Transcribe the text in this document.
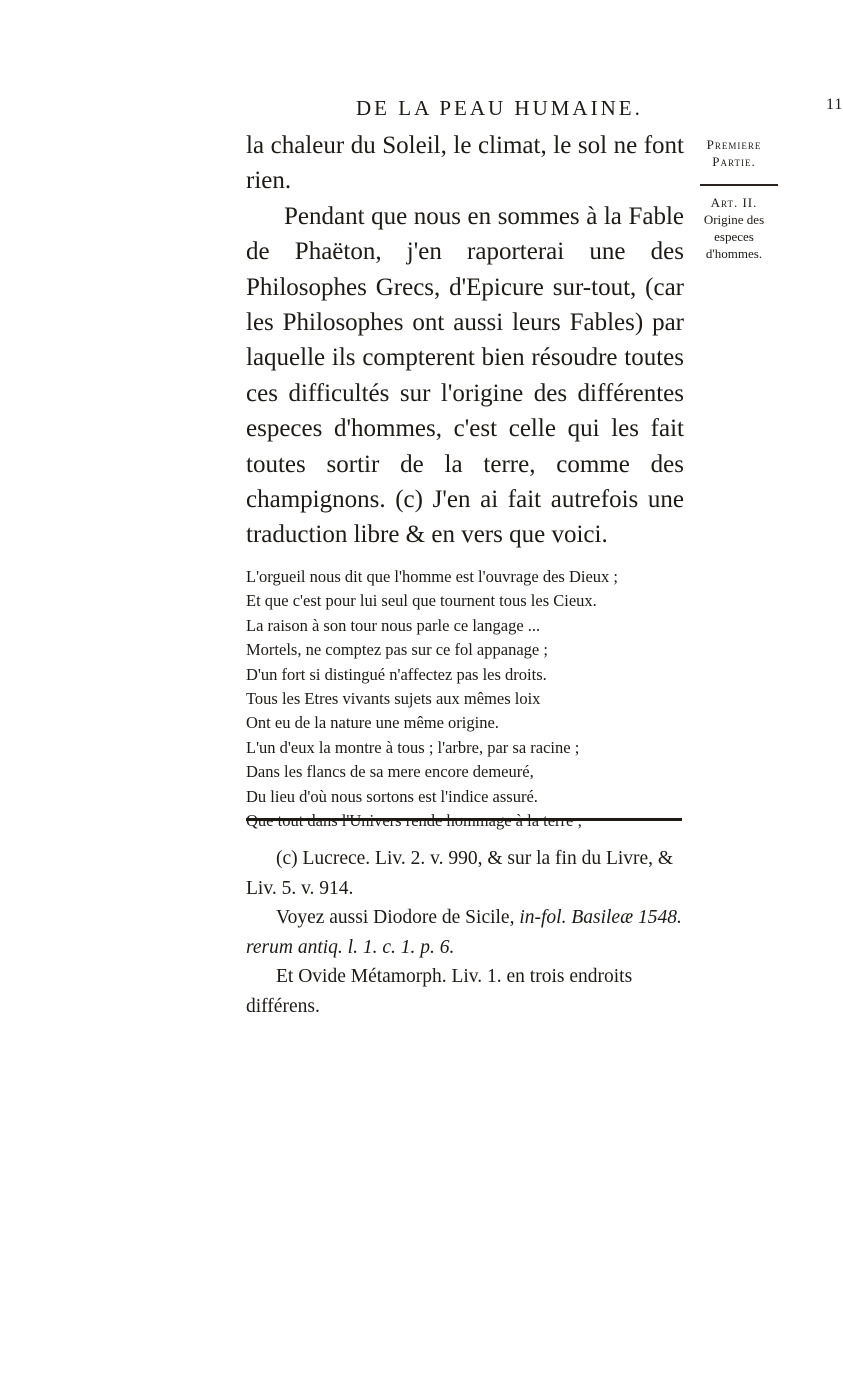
DE LA PEAU HUMAINE.	11
Premiere Partie.
Art. II.
Origine des especes d'hommes.

la chaleur du Soleil, le climat, le sol ne font rien.

Pendant que nous en sommes à la Fable de Phaëton, j'en raporterai une des Philosophes Grecs, d'Epicure sur-tout, (car les Philosophes ont aussi leurs Fables) par laquelle ils compterent bien résoudre toutes ces difficultés sur l'origine des différentes especes d'hommes, c'est celle qui les fait toutes sortir de la terre, comme des champignons. (c) J'en ai fait autrefois une traduction libre & en vers que voici.

L'orgueil nous dit que l'homme est l'ouvrage des Dieux ;
Et que c'est pour lui seul que tournent tous les Cieux.
La raison à son tour nous parle ce langage ...
Mortels, ne comptez pas sur ce fol appanage ;
D'un fort si distingué n'affectez pas les droits.
Tous les Etres vivants sujets aux mêmes loix
Ont eu de la nature une même origine.
L'un d'eux la montre à tous ; l'arbre, par sa racine ;
Dans les flancs de sa mere encore demeuré,
Du lieu d'où nous sortons est l'indice assuré.

(c) Lucrece. Liv. 2. v. 990, & sur la fin du Livre, & Liv. 5. v. 914.

Voyez aussi Diodore de Sicile, in-fol. Basileæ 1548. rerum antiq. l. 1. c. 1. p. 6.

Et Ovide Métamorph. Liv. 1. en trois endroits différens.
